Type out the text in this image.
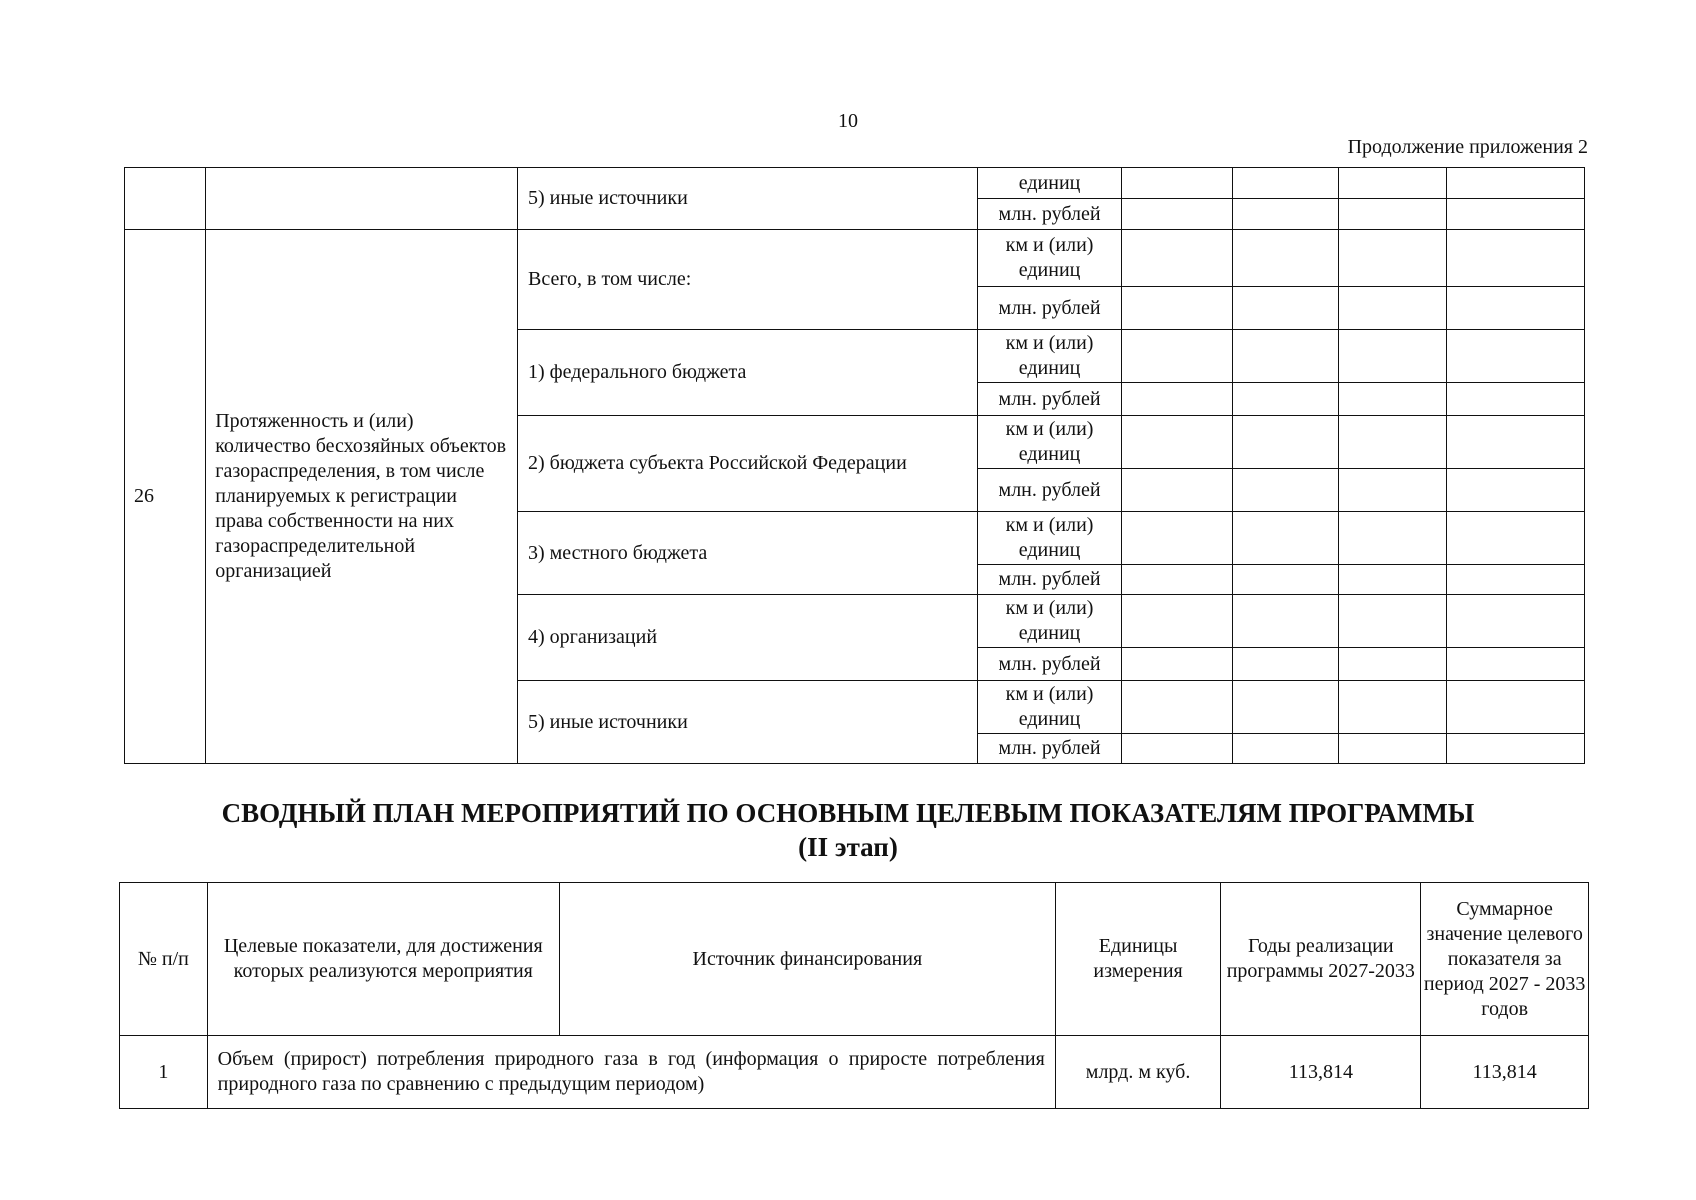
10
Продолжение приложения 2
		5) иные источники	единиц				
			млн. рублей				
26	Протяженность и (или) количество бесхозяйных объектов газораспределения, в том числе планируемых к регистрации права собственности на них газораспределительной организацией	Всего, в том числе:	км и (или) единиц				
			млн. рублей				
		1) федерального бюджета	км и (или) единиц				
			млн. рублей				
		2) бюджета субъекта Российской Федерации	км и (или) единиц				
			млн. рублей				
		3) местного бюджета	км и (или) единиц				
			млн. рублей				
		4) организаций	км и (или) единиц				
			млн. рублей				
		5) иные источники	км и (или) единиц				
			млн. рублей				
СВОДНЫЙ ПЛАН МЕРОПРИЯТИЙ ПО ОСНОВНЫМ ЦЕЛЕВЫМ ПОКАЗАТЕЛЯМ ПРОГРАММЫ
(II этап)
№ п/п	Целевые показатели, для достижения которых реализуются мероприятия	Источник финансирования	Единицы измерения	Годы реализации программы 2027-2033	Суммарное значение целевого показателя за период 2027 - 2033 годов
1	Объем (прирост) потребления природного газа в год (информация о приросте потребления природного газа по сравнению с предыдущим периодом)		млрд. м куб.	113,814	113,814
